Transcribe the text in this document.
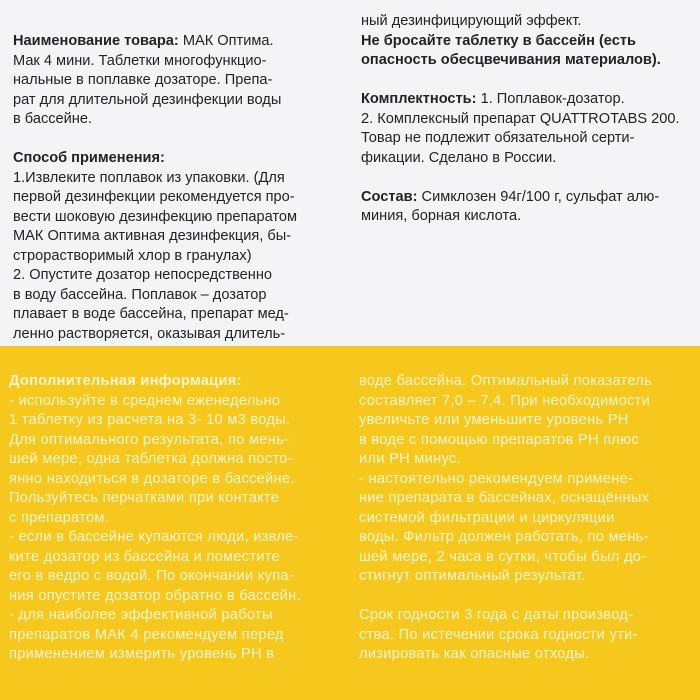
Наименование товара: МАК Оптима.
Мак 4 мини. Таблетки многофункцио-
нальные в поплавке дозаторе. Препа-
рат для длительной дезинфекции воды
в бассейне.

Способ применения:
1.Извлеките поплавок из упаковки. (Для
первой дезинфекции рекомендуется про-
вести шоковую дезинфекцию препаратом
МАК Оптима активная дезинфекция, бы-
строрастворимый хлор в гранулах)
2. Опустите дозатор непосредственно
в воду бассейна. Поплавок – дозатор
плавает в воде бассейна, препарат мед-
ленно растворяется, оказывая длитель-
ный дезинфицирующий эффект.
Не бросайте таблетку в бассейн (есть
опасность обесцвечивания материалов).

Комплектность: 1. Поплавок-дозатор.
2. Комплексный препарат QUATTROTABS 200.
Товар не подлежит обязательной серти-
фикации. Сделано в России.

Состав: Симклозен 94г/100 г, сульфат алю-
миния, борная кислота.
Дополнительная информация:
- используйте в среднем еженедельно
1 таблетку из расчета на 3- 10 м3 воды.
Для оптимального результата, по мень-
шей мере, одна таблетка должна посто-
янно находиться в дозаторе в бассейне.
Пользуйтесь перчатками при контакте
с препаратом.
- если в бассейне купаются люди, извле-
ките дозатор из бассейна и поместите
его в ведро с водой. По окончании купа-
ния опустите дозатор обратно в бассейн.
- для наиболее эффективной работы
препаратов МАК 4 рекомендуем перед
применением измерить уровень PH в
воде бассейна. Оптимальный показатель
составляет 7,0 – 7,4. При необходимости
увеличьте или уменьшите уровень PH
в воде с помощью препаратов PH плюс
или PH минус.
- настоятельно рекомендуем примене-
ние препарата в бассейнах, оснащённых
системой фильтрации и циркуляции
воды. Фильтр должен работать, по мень-
шей мере, 2 часа в сутки, чтобы был до-
стигнут оптимальный результат.

Срок годности 3 года с даты производ-
ства. По истечении срока годности ути-
лизировать как опасные отходы.
